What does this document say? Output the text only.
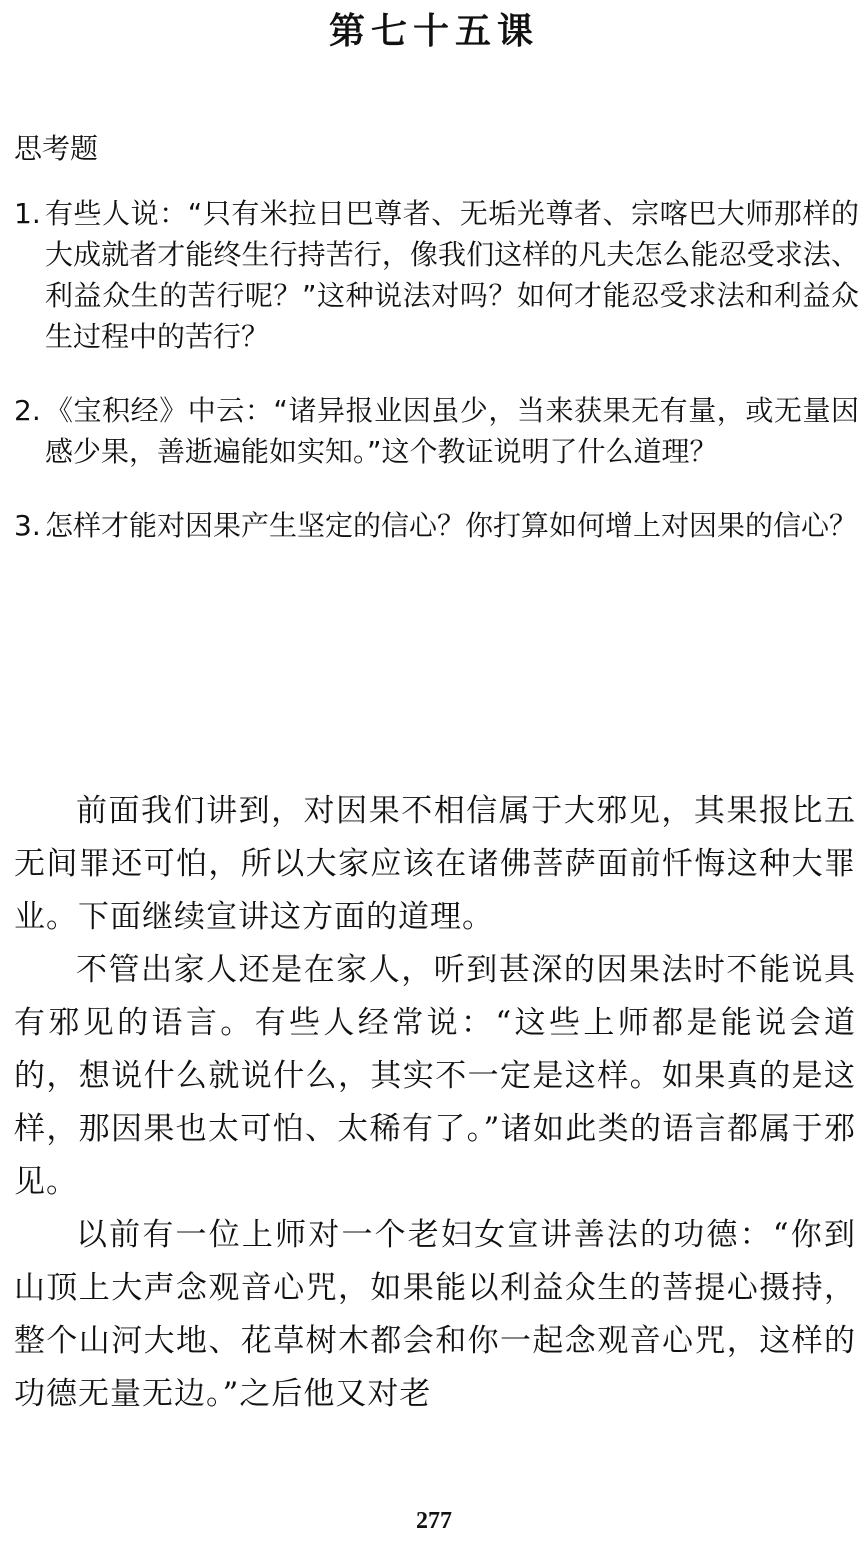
第七十五课
思考题
1. 有些人说：“只有米拉日巴尊者、无垢光尊者、宗喀巴大师那样的大成就者才能终生行持苦行，像我们这样的凡夫怎么能忍受求法、利益众生的苦行呢？”这种说法对吗？如何才能忍受求法和利益众生过程中的苦行？
2. 《宝积经》中云：“诸异报业因虽少，当来获果无有量，或无量因感少果，善逝遍能如实知。”这个教证说明了什么道理？
3. 怎样才能对因果产生坚定的信心？你打算如何增上对因果的信心？

前面我们讲到，对因果不相信属于大邪见，其果报比五无间罪还可怕，所以大家应该在诸佛菩萨面前忏悔这种大罪业。下面继续宣讲这方面的道理。

不管出家人还是在家人，听到甚深的因果法时不能说具有邪见的语言。有些人经常说：“这些上师都是能说会道的，想说什么就说什么，其实不一定是这样。如果真的是这样，那因果也太可怕、太稀有了。”诸如此类的语言都属于邪见。

以前有一位上师对一个老妇女宣讲善法的功德：“你到山顶上大声念观音心咒，如果能以利益众生的菩提心摄持，整个山河大地、花草树木都会和你一起念观音心咒，这样的功德无量无边。”之后他又对老

277
